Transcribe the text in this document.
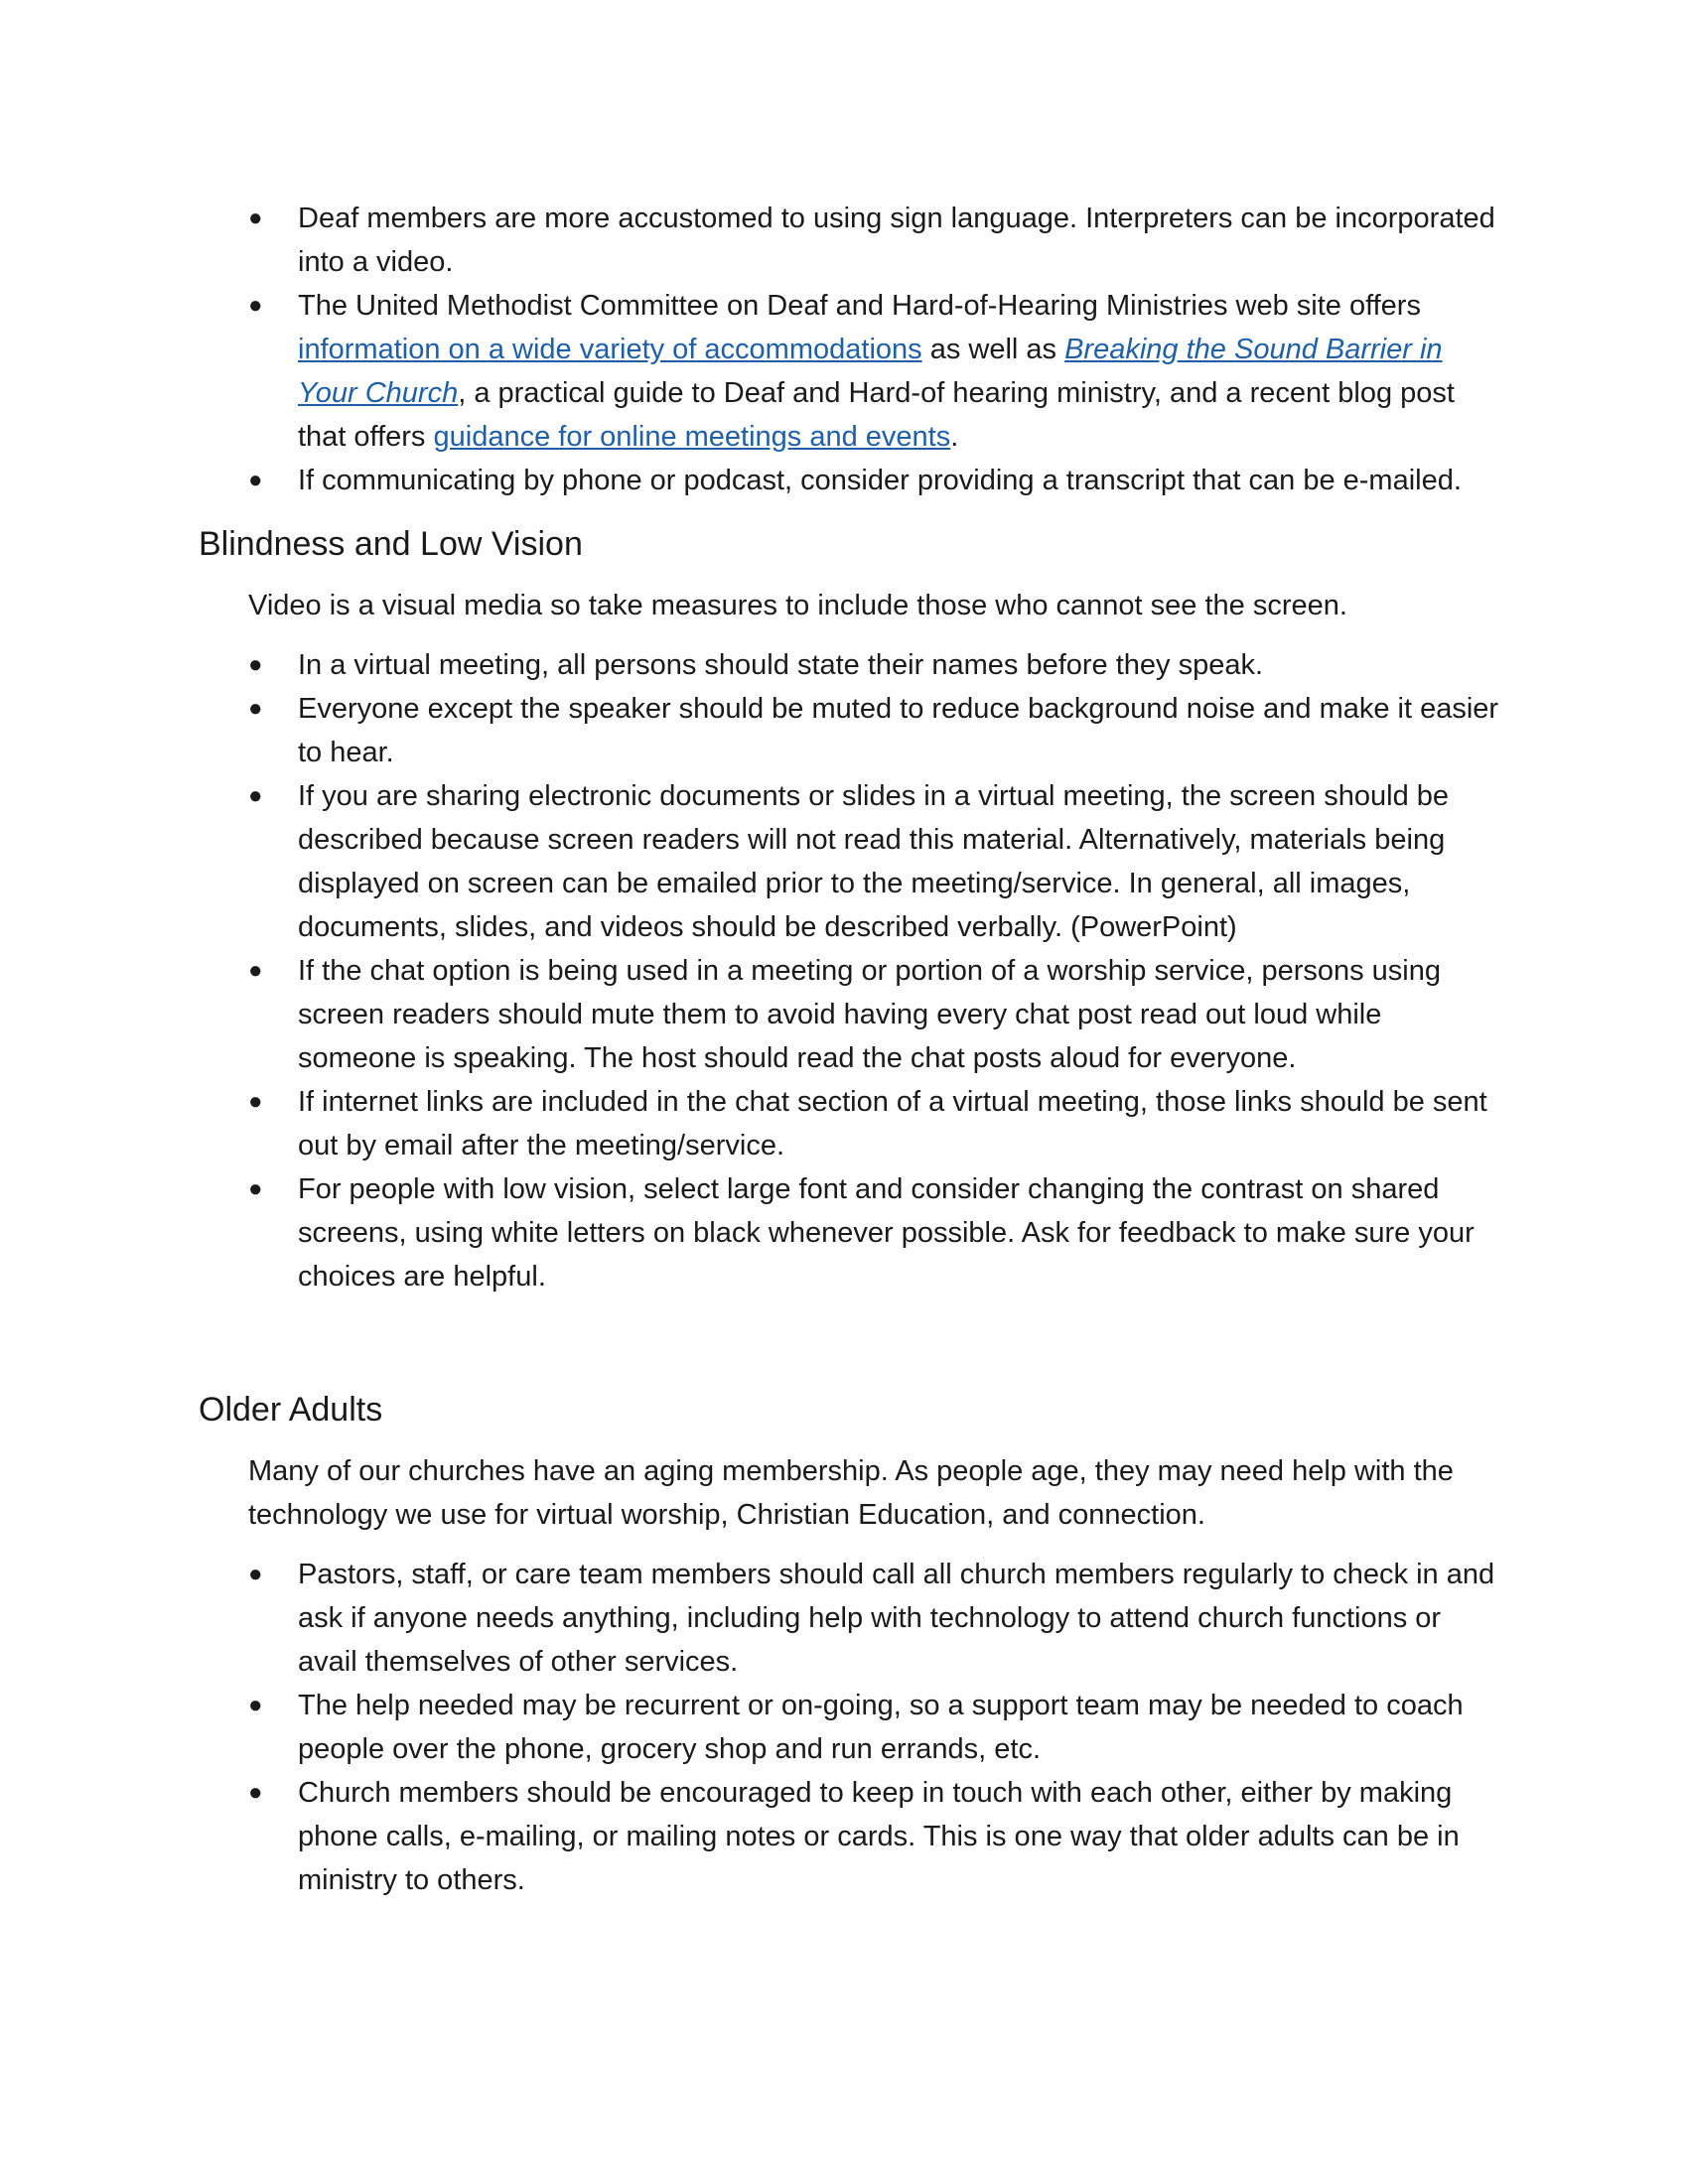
● Deaf members are more accustomed to using sign language. Interpreters can be incorporated into a video.
● The United Methodist Committee on Deaf and Hard-of-Hearing Ministries web site offers information on a wide variety of accommodations as well as Breaking the Sound Barrier in Your Church, a practical guide to Deaf and Hard-of hearing ministry, and a recent blog post that offers guidance for online meetings and events.
● If communicating by phone or podcast, consider providing a transcript that can be e-mailed.
Blindness and Low Vision

Video is a visual media so take measures to include those who cannot see the screen.

● In a virtual meeting, all persons should state their names before they speak.
● Everyone except the speaker should be muted to reduce background noise and make it easier to hear.
● If you are sharing electronic documents or slides in a virtual meeting, the screen should be described because screen readers will not read this material. Alternatively, materials being displayed on screen can be emailed prior to the meeting/service. In general, all images, documents, slides, and videos should be described verbally. (PowerPoint)
● If the chat option is being used in a meeting or portion of a worship service, persons using screen readers should mute them to avoid having every chat post read out loud while someone is speaking. The host should read the chat posts aloud for everyone.
● If internet links are included in the chat section of a virtual meeting, those links should be sent out by email after the meeting/service.
● For people with low vision, select large font and consider changing the contrast on shared screens, using white letters on black whenever possible. Ask for feedback to make sure your choices are helpful.
Older Adults

Many of our churches have an aging membership. As people age, they may need help with the technology we use for virtual worship, Christian Education, and connection.

● Pastors, staff, or care team members should call all church members regularly to check in and ask if anyone needs anything, including help with technology to attend church functions or avail themselves of other services.
● The help needed may be recurrent or on-going, so a support team may be needed to coach people over the phone, grocery shop and run errands, etc.
● Church members should be encouraged to keep in touch with each other, either by making phone calls, e-mailing, or mailing notes or cards. This is one way that older adults can be in ministry to others.
